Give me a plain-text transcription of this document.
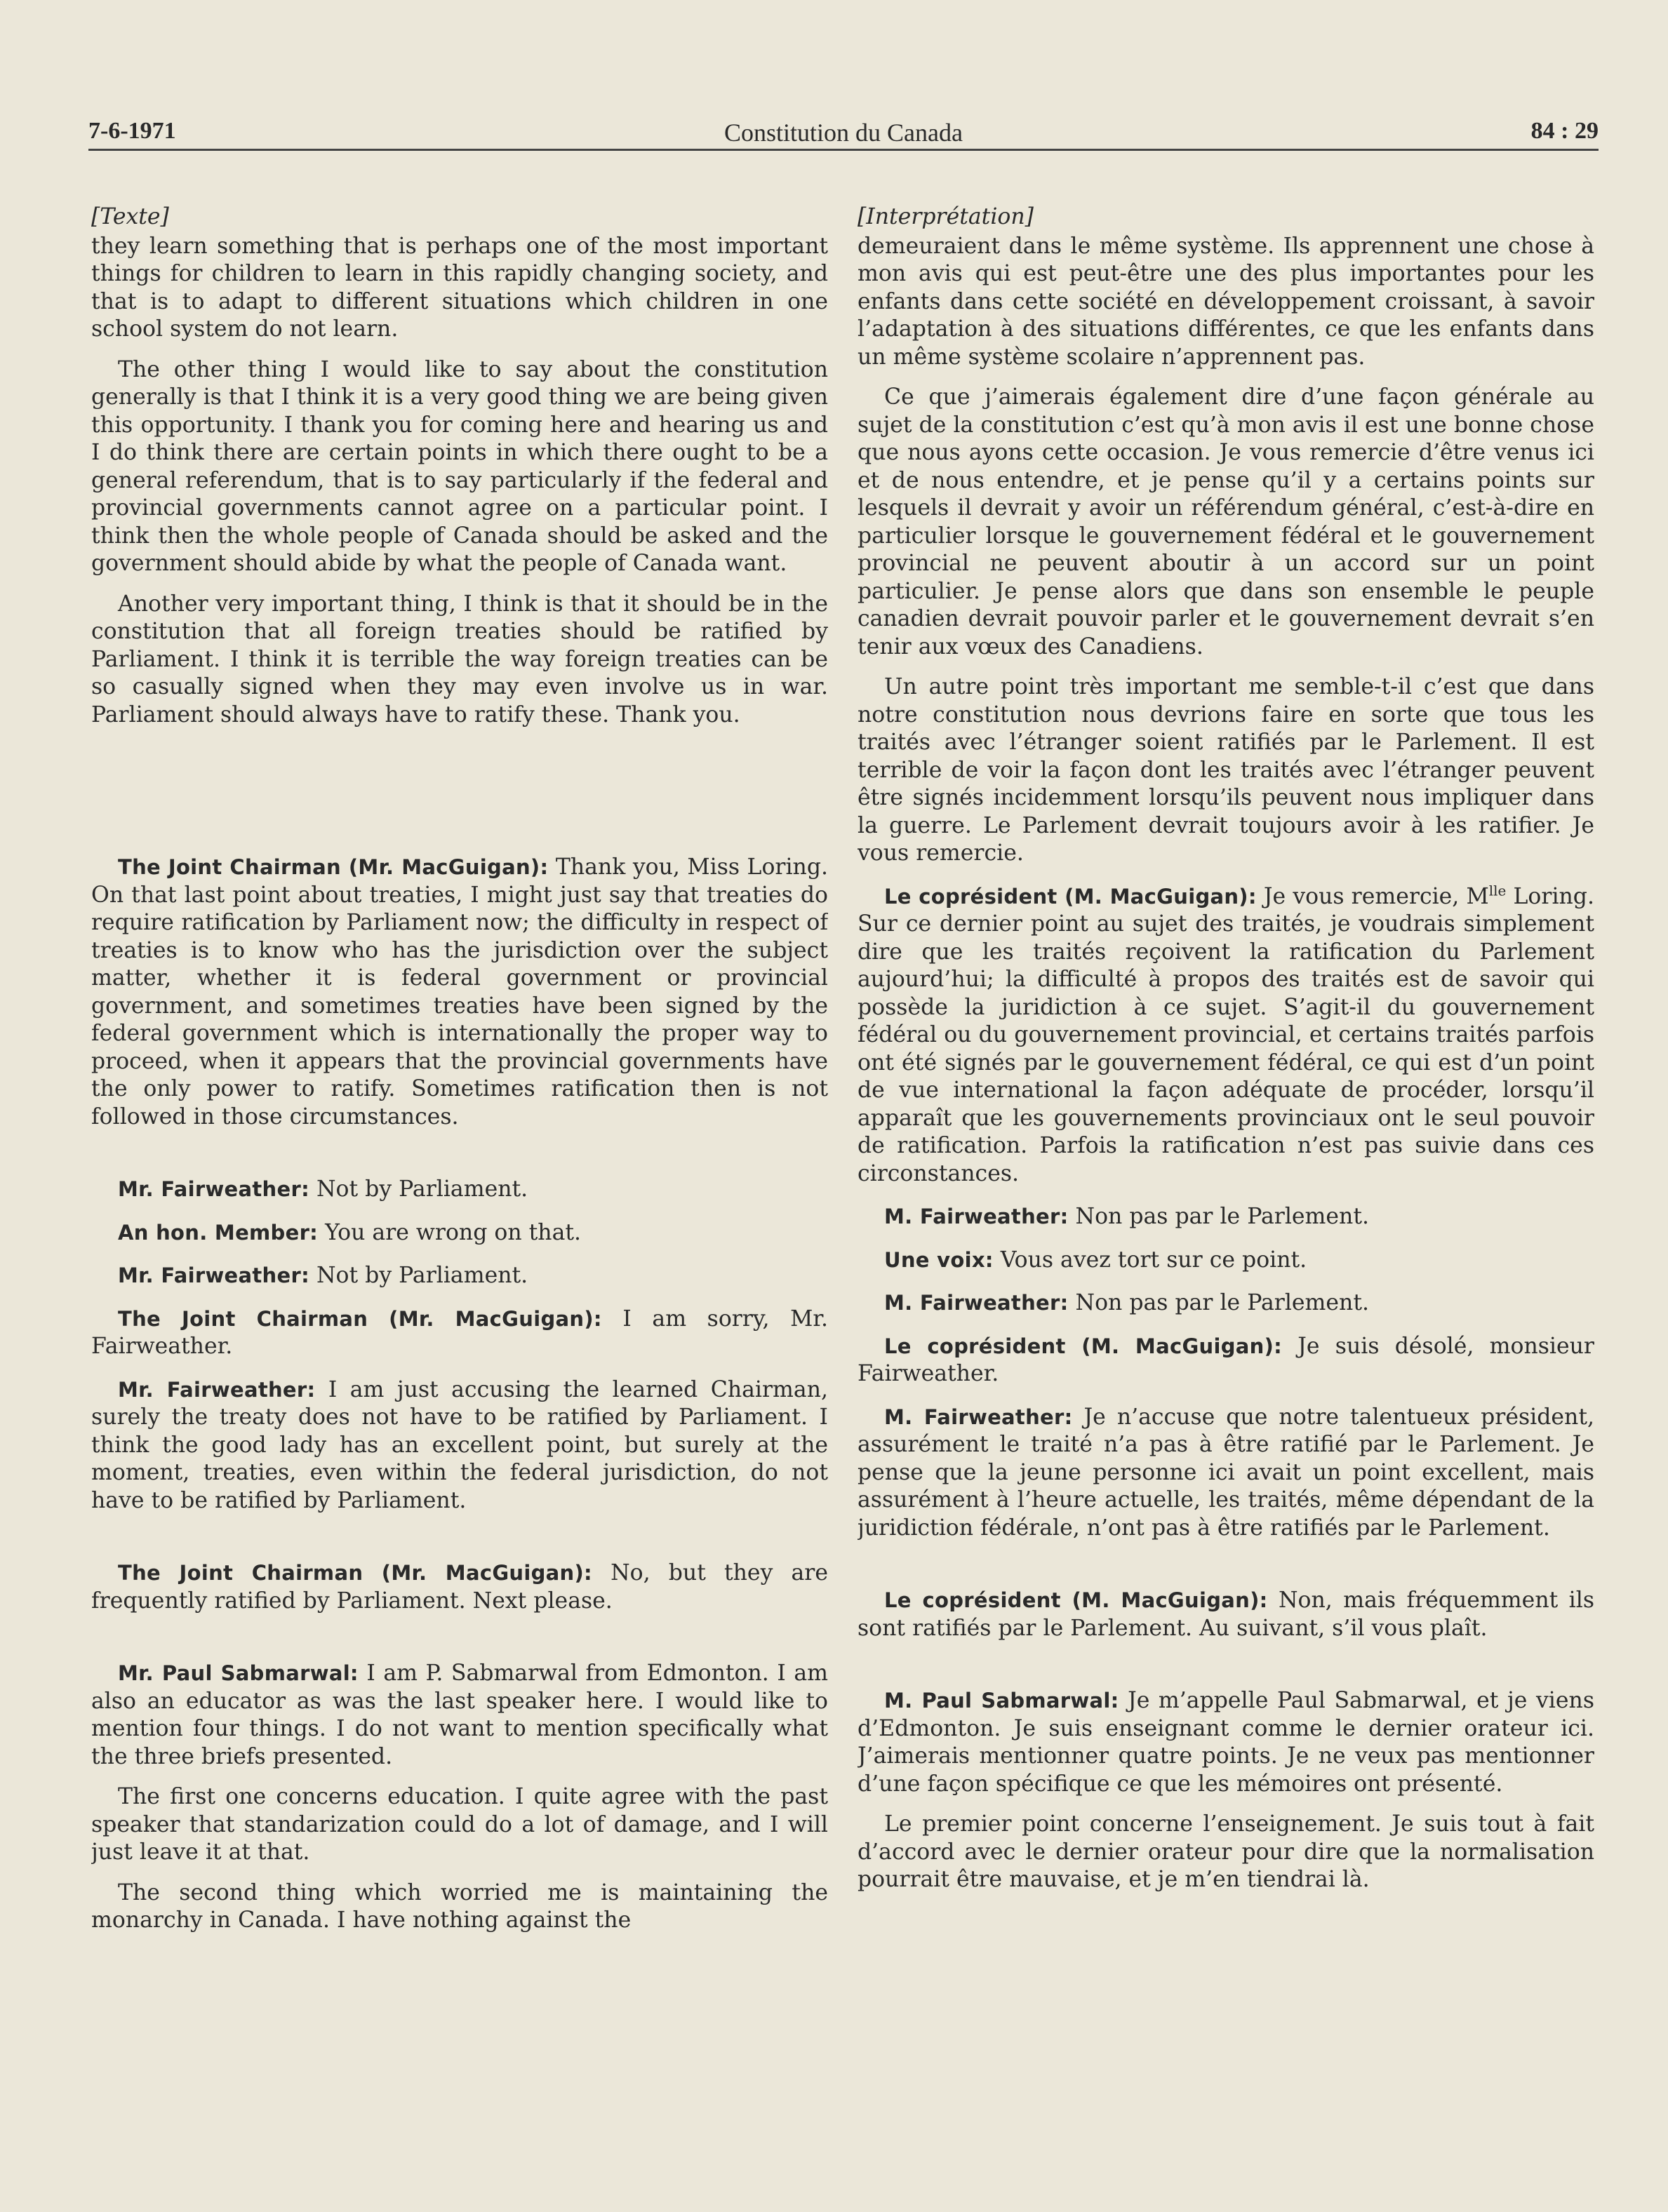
7-6-1971	Constitution du Canada	84 : 29

[Texte]

they learn something that is perhaps one of the most important things for children to learn in this rapidly changing society, and that is to adapt to different situations which children in one school system do not learn.

The other thing I would like to say about the constitution generally is that I think it is a very good thing we are being given this opportunity. I thank you for coming here and hearing us and I do think there are certain points in which there ought to be a general referendum, that is to say particularly if the federal and provincial governments cannot agree on a particular point. I think then the whole people of Canada should be asked and the government should abide by what the people of Canada want.

Another very important thing, I think is that it should be in the constitution that all foreign treaties should be ratified by Parliament. I think it is terrible the way foreign treaties can be so casually signed when they may even involve us in war. Parliament should always have to ratify these. Thank you.

The Joint Chairman (Mr. MacGuigan): Thank you, Miss Loring. On that last point about treaties, I might just say that treaties do require ratification by Parliament now; the difficulty in respect of treaties is to know who has the jurisdiction over the subject matter, whether it is federal government or provincial government, and sometimes treaties have been signed by the federal government which is internationally the proper way to proceed, when it appears that the provincial governments have the only power to ratify. Sometimes ratification then is not followed in those circumstances.

Mr. Fairweather: Not by Parliament.

An hon. Member: You are wrong on that.

Mr. Fairweather: Not by Parliament.

The Joint Chairman (Mr. MacGuigan): I am sorry, Mr. Fairweather.

Mr. Fairweather: I am just accusing the learned Chairman, surely the treaty does not have to be ratified by Parliament. I think the good lady has an excellent point, but surely at the moment, treaties, even within the federal jurisdiction, do not have to be ratified by Parliament.

The Joint Chairman (Mr. MacGuigan): No, but they are frequently ratified by Parliament. Next please.

Mr. Paul Sabmarwal: I am P. Sabmarwal from Edmonton. I am also an educator as was the last speaker here. I would like to mention four things. I do not want to mention specifically what the three briefs presented.

The first one concerns education. I quite agree with the past speaker that standarization could do a lot of damage, and I will just leave it at that.

The second thing which worried me is maintaining the monarchy in Canada. I have nothing against the

[Interprétation]

demeuraient dans le même système. Ils apprennent une chose à mon avis qui est peut-être une des plus importantes pour les enfants dans cette société en développement croissant, à savoir l’adaptation à des situations différentes, ce que les enfants dans un même système scolaire n’apprennent pas.

Ce que j’aimerais également dire d’une façon générale au sujet de la constitution c’est qu’à mon avis il est une bonne chose que nous ayons cette occasion. Je vous remercie d’être venus ici et de nous entendre, et je pense qu’il y a certains points sur lesquels il devrait y avoir un référendum général, c’est-à-dire en particulier lorsque le gouvernement fédéral et le gouvernement provincial ne peuvent aboutir à un accord sur un point particulier. Je pense alors que dans son ensemble le peuple canadien devrait pouvoir parler et le gouvernement devrait s’en tenir aux vœux des Canadiens.

Un autre point très important me semble-t-il c’est que dans notre constitution nous devrions faire en sorte que tous les traités avec l’étranger soient ratifiés par le Parlement. Il est terrible de voir la façon dont les traités avec l’étranger peuvent être signés incidemment lorsqu’ils peuvent nous impliquer dans la guerre. Le Parlement devrait toujours avoir à les ratifier. Je vous remercie.

Le coprésident (M. MacGuigan): Je vous remercie, $M^{lle}$ Loring. Sur ce dernier point au sujet des traités, je voudrais simplement dire que les traités reçoivent la ratification du Parlement aujourd’hui; la difficulté à propos des traités est de savoir qui possède la juridiction à ce sujet. S’agit-il du gouvernement fédéral ou du gouvernement provincial, et certains traités parfois ont été signés par le gouvernement fédéral, ce qui est d’un point de vue international la façon adéquate de procéder, lorsqu’il apparaît que les gouvernements provinciaux ont le seul pouvoir de ratification. Parfois la ratification n’est pas suivie dans ces circonstances.

M. Fairweather: Non pas par le Parlement.

Une voix: Vous avez tort sur ce point.

M. Fairweather: Non pas par le Parlement.

Le coprésident (M. MacGuigan): Je suis désolé, monsieur Fairweather.

M. Fairweather: Je n’accuse que notre talentueux président, assurément le traité n’a pas à être ratifié par le Parlement. Je pense que la jeune personne ici avait un point excellent, mais assurément à l’heure actuelle, les traités, même dépendant de la juridiction fédérale, n’ont pas à être ratifiés par le Parlement.

Le coprésident (M. MacGuigan): Non, mais fréquemment ils sont ratifiés par le Parlement. Au suivant, s’il vous plaît.

M. Paul Sabmarwal: Je m’appelle Paul Sabmarwal, et je viens d’Edmonton. Je suis enseignant comme le dernier orateur ici. J’aimerais mentionner quatre points. Je ne veux pas mentionner d’une façon spécifique ce que les mémoires ont présenté.

Le premier point concerne l’enseignement. Je suis tout à fait d’accord avec le dernier orateur pour dire que la normalisation pourrait être mauvaise, et je m’en tiendrai là.
